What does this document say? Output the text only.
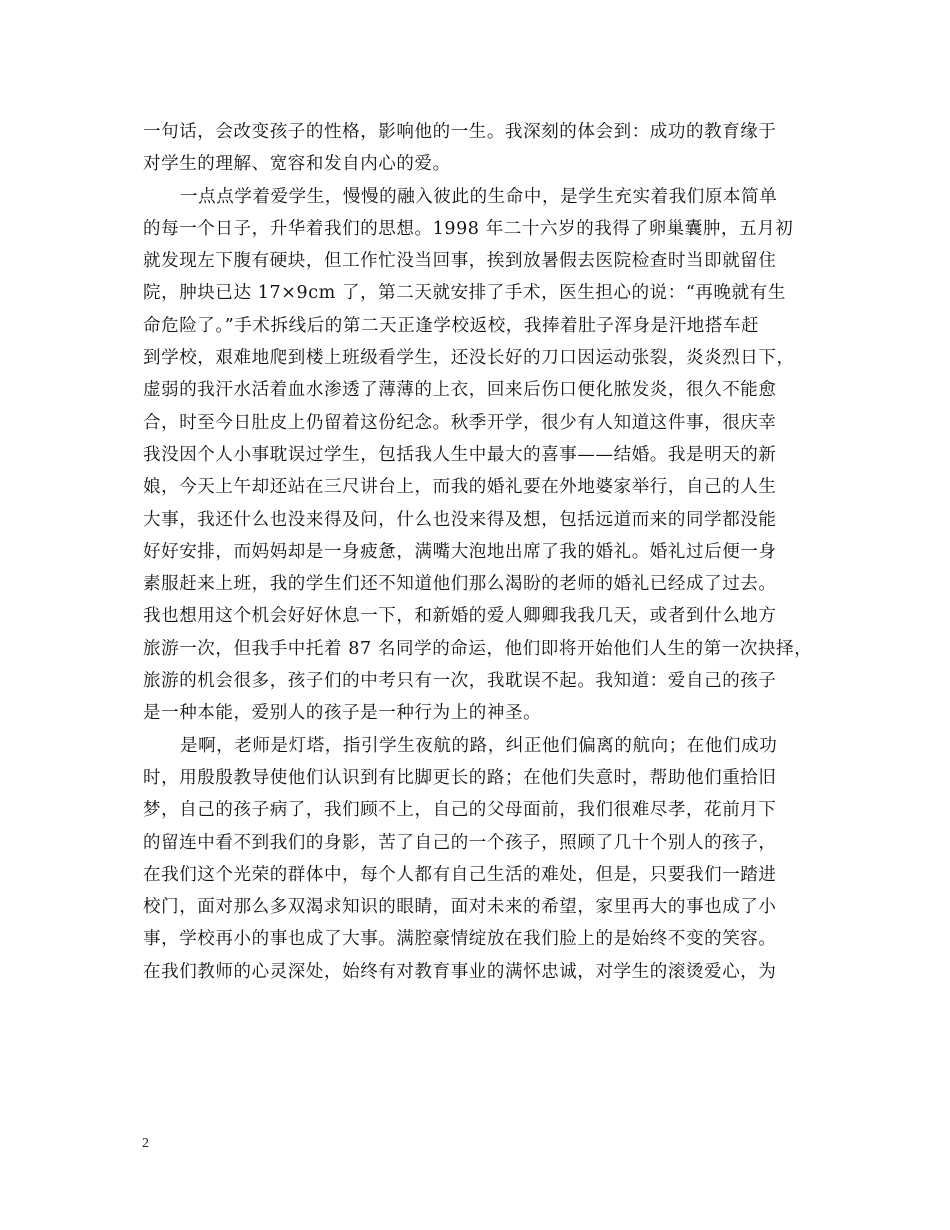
一句话，会改变孩子的性格，影响他的一生。我深刻的体会到：成功的教育缘于
对学生的理解、宽容和发自内心的爱。
一点点学着爱学生，慢慢的融入彼此的生命中，是学生充实着我们原本简单
的每一个日子，升华着我们的思想。1998 年二十六岁的我得了卵巢囊肿，五月初
就发现左下腹有硬块，但工作忙没当回事，挨到放暑假去医院检查时当即就留住
院，肿块已达 17×9cm 了，第二天就安排了手术，医生担心的说：“再晚就有生
命危险了。”手术拆线后的第二天正逢学校返校，我捧着肚子浑身是汗地搭车赶
到学校，艰难地爬到楼上班级看学生，还没长好的刀口因运动张裂，炎炎烈日下，
虚弱的我汗水活着血水渗透了薄薄的上衣，回来后伤口便化脓发炎，很久不能愈
合，时至今日肚皮上仍留着这份纪念。秋季开学，很少有人知道这件事，很庆幸
我没因个人小事耽误过学生，包括我人生中最大的喜事——结婚。我是明天的新
娘，今天上午却还站在三尺讲台上，而我的婚礼要在外地婆家举行，自己的人生
大事，我还什么也没来得及问，什么也没来得及想，包括远道而来的同学都没能
好好安排，而妈妈却是一身疲惫，满嘴大泡地出席了我的婚礼。婚礼过后便一身
素服赶来上班，我的学生们还不知道他们那么渴盼的老师的婚礼已经成了过去。
我也想用这个机会好好休息一下，和新婚的爱人卿卿我我几天，或者到什么地方
旅游一次，但我手中托着 87 名同学的命运，他们即将开始他们人生的第一次抉择，
旅游的机会很多，孩子们的中考只有一次，我耽误不起。我知道：爱自己的孩子
是一种本能，爱别人的孩子是一种行为上的神圣。
是啊，老师是灯塔，指引学生夜航的路，纠正他们偏离的航向；在他们成功
时，用殷殷教导使他们认识到有比脚更长的路；在他们失意时，帮助他们重拾旧
梦，自己的孩子病了，我们顾不上，自己的父母面前，我们很难尽孝，花前月下
的留连中看不到我们的身影，苦了自己的一个孩子，照顾了几十个别人的孩子，
在我们这个光荣的群体中，每个人都有自己生活的难处，但是，只要我们一踏进
校门，面对那么多双渴求知识的眼睛，面对未来的希望，家里再大的事也成了小
事，学校再小的事也成了大事。满腔豪情绽放在我们脸上的是始终不变的笑容。
在我们教师的心灵深处，始终有对教育事业的满怀忠诚，对学生的滚烫爱心，为
2
